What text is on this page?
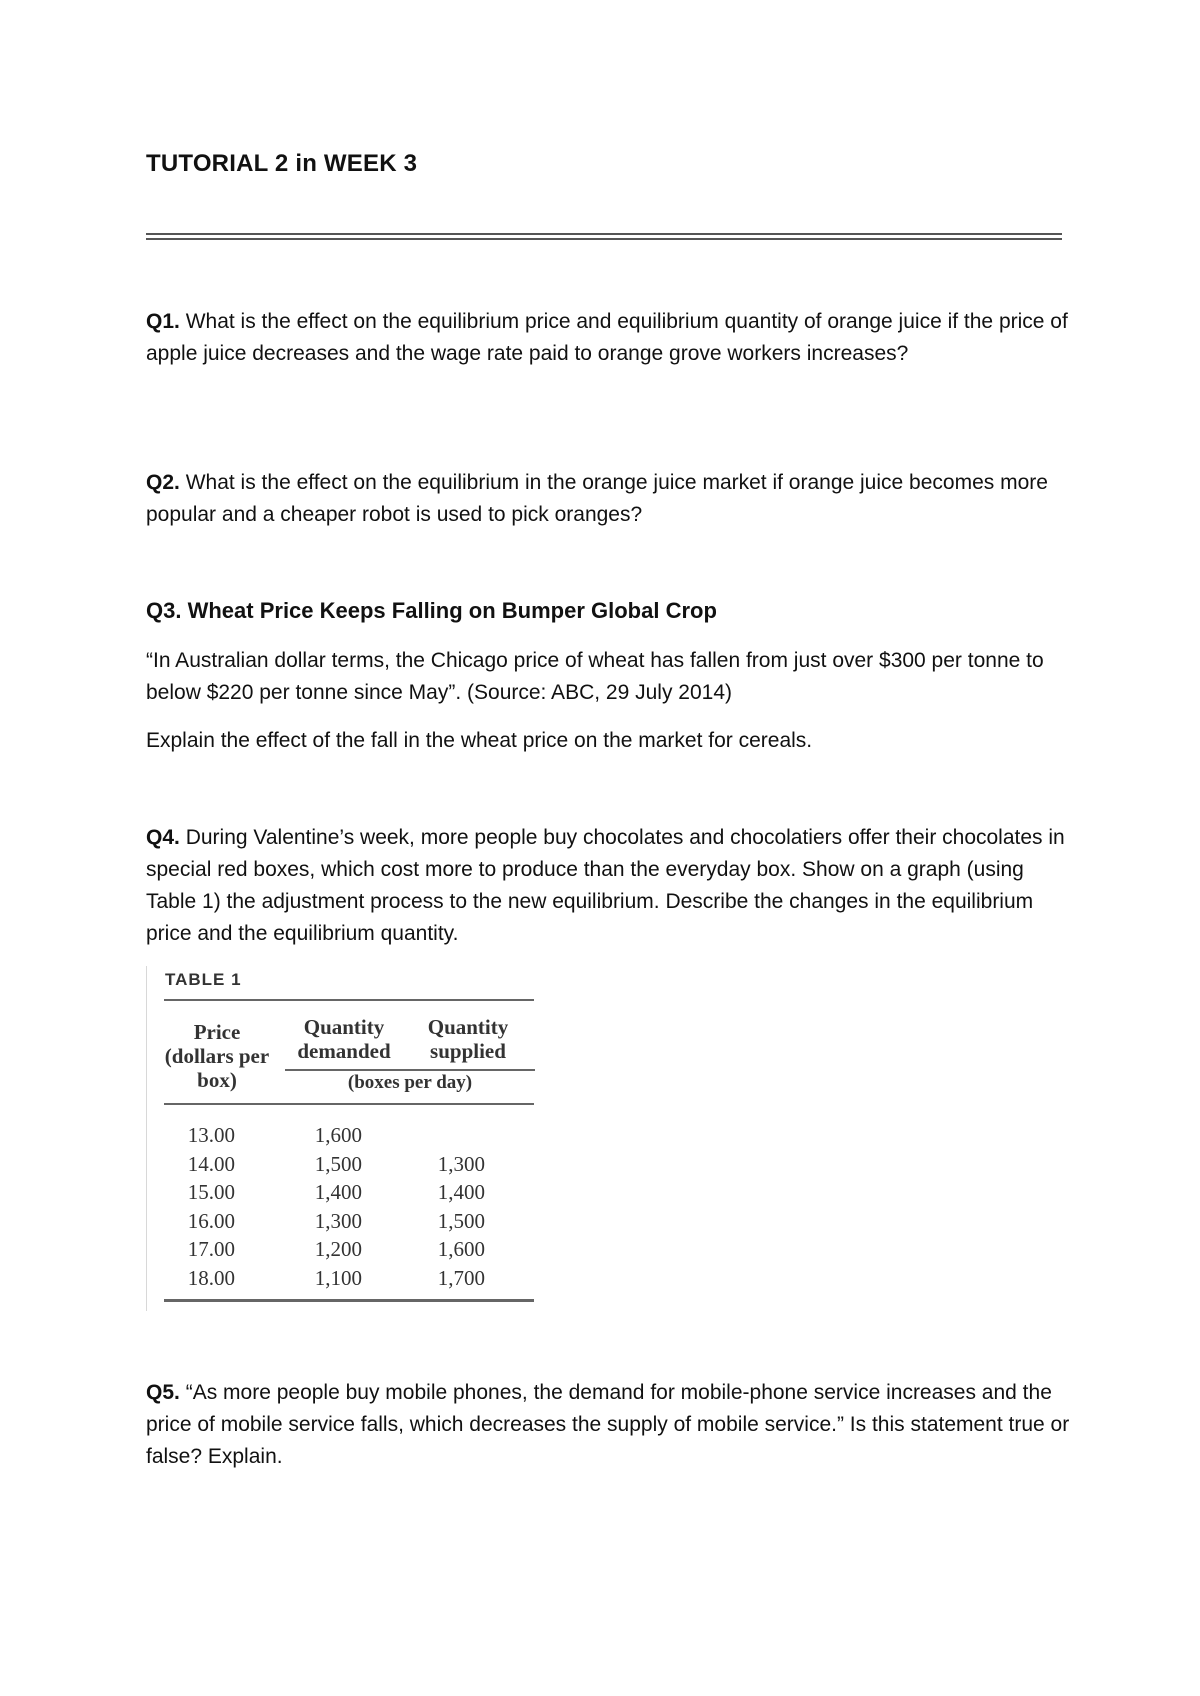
TUTORIAL 2 in WEEK 3
Q1. What is the effect on the equilibrium price and equilibrium quantity of orange juice if the price of apple juice decreases and the wage rate paid to orange grove workers increases?
Q2. What is the effect on the equilibrium in the orange juice market if orange juice becomes more popular and a cheaper robot is used to pick oranges?
Q3. Wheat Price Keeps Falling on Bumper Global Crop
“In Australian dollar terms, the Chicago price of wheat has fallen from just over $300 per tonne to below $220 per tonne since May”. (Source: ABC, 29 July 2014)
Explain the effect of the fall in the wheat price on the market for cereals.
Q4. During Valentine’s week, more people buy chocolates and chocolatiers offer their chocolates in special red boxes, which cost more to produce than the everyday box. Show on a graph (using Table 1) the adjustment process to the new equilibrium. Describe the changes in the equilibrium price and the equilibrium quantity.
TABLE 1
Price
(dollars per
box)
Quantity
demanded
Quantity
supplied
(boxes per day)
13.00	1,600
14.00	1,500	1,300
15.00	1,400	1,400
16.00	1,300	1,500
17.00	1,200	1,600
18.00	1,100	1,700
Q5. “As more people buy mobile phones, the demand for mobile-phone service increases and the price of mobile service falls, which decreases the supply of mobile service.” Is this statement true or false? Explain.
